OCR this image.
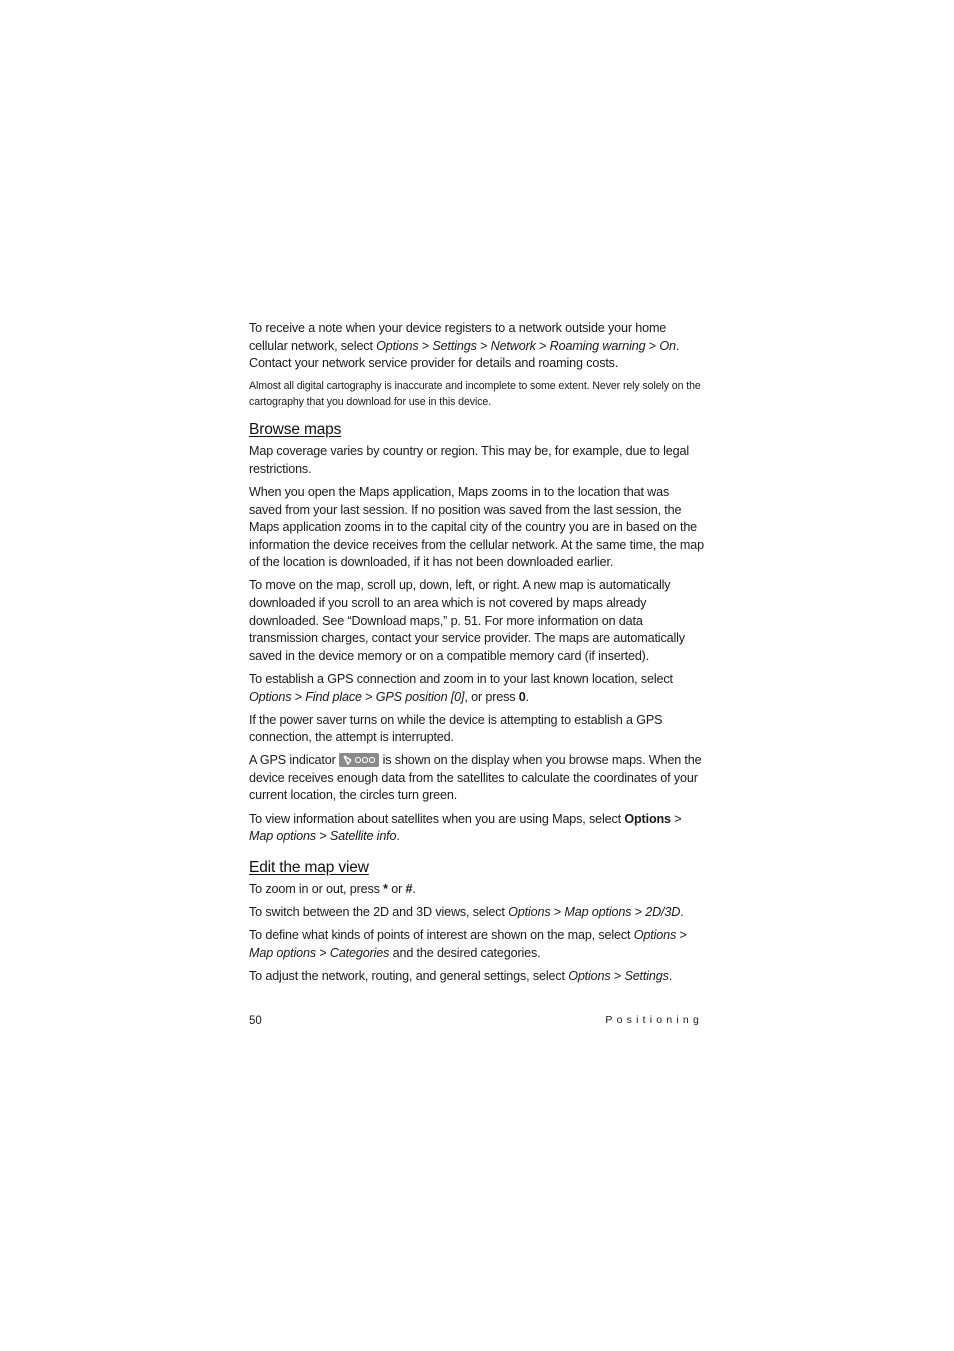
To receive a note when your device registers to a network outside your home cellular network, select Options > Settings > Network > Roaming warning > On. Contact your network service provider for details and roaming costs.

Almost all digital cartography is inaccurate and incomplete to some extent. Never rely solely on the cartography that you download for use in this device.

Browse maps

Map coverage varies by country or region. This may be, for example, due to legal restrictions.

When you open the Maps application, Maps zooms in to the location that was saved from your last session. If no position was saved from the last session, the Maps application zooms in to the capital city of the country you are in based on the information the device receives from the cellular network. At the same time, the map of the location is downloaded, if it has not been downloaded earlier.

To move on the map, scroll up, down, left, or right. A new map is automatically downloaded if you scroll to an area which is not covered by maps already downloaded. See “Download maps,” p. 51. For more information on data transmission charges, contact your service provider. The maps are automatically saved in the device memory or on a compatible memory card (if inserted).

To establish a GPS connection and zoom in to your last known location, select Options > Find place > GPS position [0], or press 0.

If the power saver turns on while the device is attempting to establish a GPS connection, the attempt is interrupted.

A GPS indicator	is shown on the display when you browse maps. When the device receives enough data from the satellites to calculate the coordinates of your current location, the circles turn green.

To view information about satellites when you are using Maps, select Options > Map options > Satellite info.

Edit the map view

To zoom in or out, press * or #.

To switch between the 2D and 3D views, select Options > Map options > 2D/3D.

To define what kinds of points of interest are shown on the map, select Options > Map options > Categories and the desired categories.

To adjust the network, routing, and general settings, select Options > Settings.

50	Positioning
